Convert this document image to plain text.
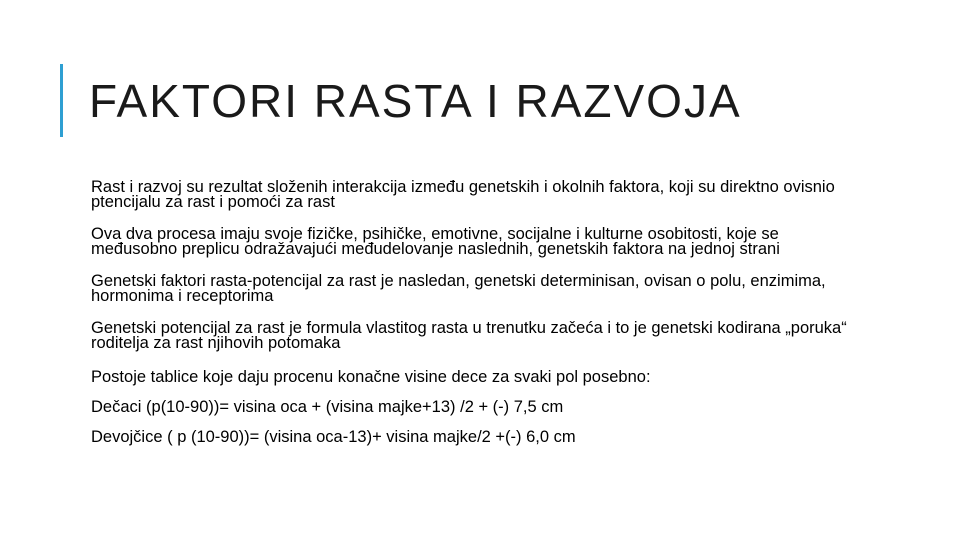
FAKTORI RASTA I RAZVOJA
Rast i razvoj su rezultat složenih interakcija između genetskih i okolnih faktora, koji su direktno ovisnio ptencijalu za rast i pomoći za rast
Ova dva procesa imaju svoje fizičke, psihičke, emotivne, socijalne i kulturne osobitosti, koje se međusobno preplicu odražavajući međudelovanje naslednih, genetskih faktora na jednoj strani
Genetski faktori rasta-potencijal za rast je nasledan, genetski determinisan, ovisan o polu, enzimima, hormonima i receptorima
Genetski potencijal za rast je formula vlastitog rasta u trenutku začeća i to je genetski kodirana „poruka“ roditelja za rast njihovih potomaka
Postoje tablice koje daju procenu konačne visine dece za svaki pol posebno:
Dečaci (p(10-90))= visina oca + (visina majke+13) /2 + (-) 7,5 cm
Devojčice ( p (10-90))= (visina oca-13)+ visina majke/2 +(-) 6,0 cm
